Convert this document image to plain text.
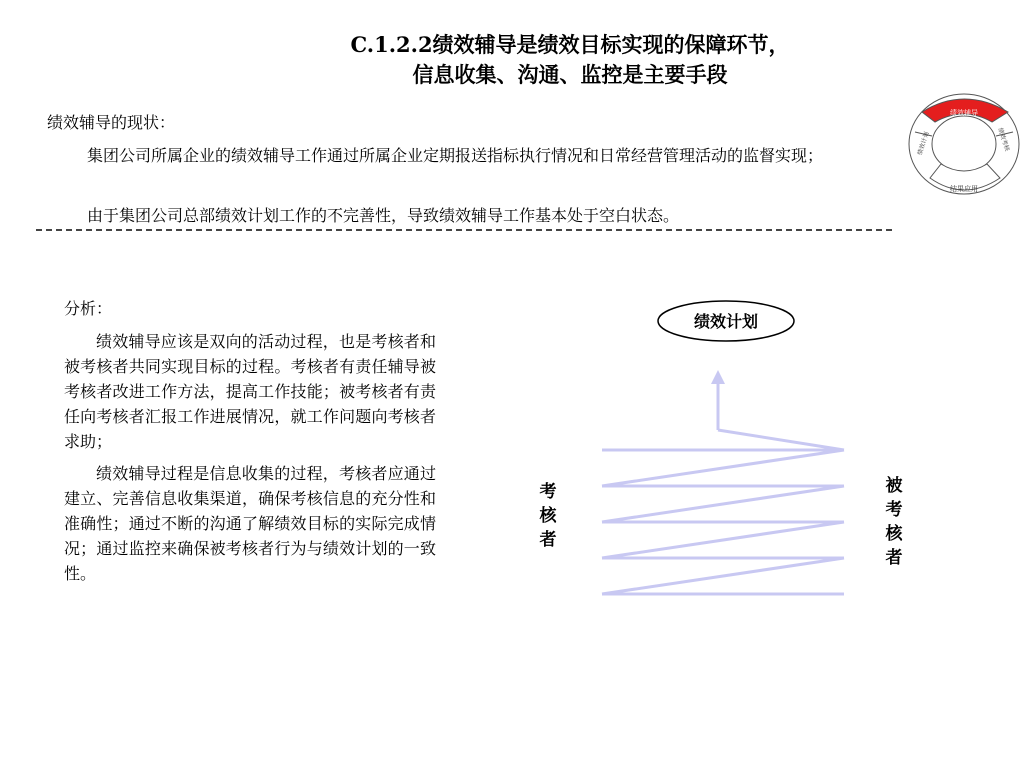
C.1.2.2绩效辅导是绩效目标实现的保障环节，
信息收集、沟通、监控是主要手段
绩效辅导的现状：
集团公司所属企业的绩效辅导工作通过所属企业定期报送指标执行情况和日常经营管理活动的监督实现；
由于集团公司总部绩效计划工作的不完善性，导致绩效辅导工作基本处于空白状态。
绩效辅导
结果应用
绩效考核
绩效计划
分析：

绩效辅导应该是双向的活动过程，也是考核者和被考核者共同实现目标的过程。考核者有责任辅导被考核者改进工作方法，提高工作技能；被考核者有责任向考核者汇报工作进展情况，就工作问题向考核者求助；

绩效辅导过程是信息收集的过程，考核者应通过建立、完善信息收集渠道，确保考核信息的充分性和准确性；通过不断的沟通了解绩效目标的实际完成情况；通过监控来确保被考核者行为与绩效计划的一致性。

绩效计划
考
核
者
被
考
核
者
